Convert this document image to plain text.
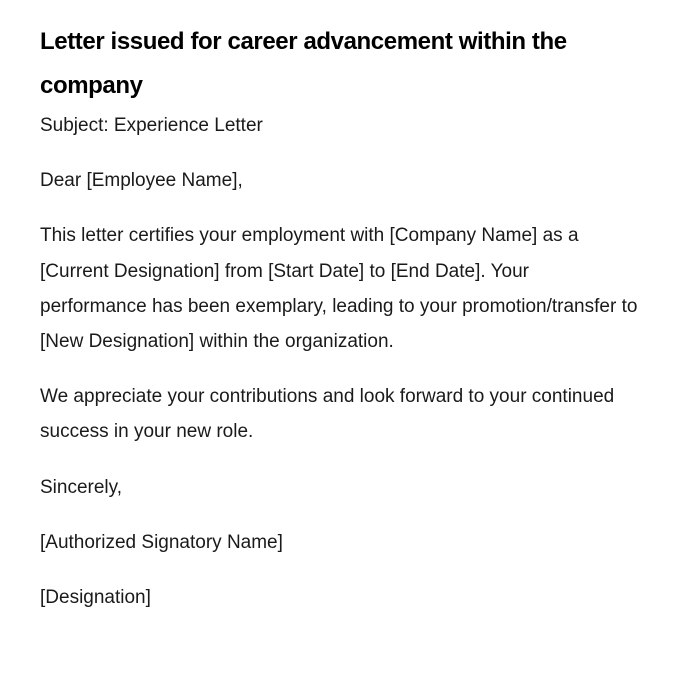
Letter issued for career advancement within the company

Subject: Experience Letter

Dear [Employee Name],

This letter certifies your employment with [Company Name] as a [Current Designation] from [Start Date] to [End Date]. Your performance has been exemplary, leading to your promotion/transfer to [New Designation] within the organization.

We appreciate your contributions and look forward to your continued success in your new role.

Sincerely,

[Authorized Signatory Name]

[Designation]
